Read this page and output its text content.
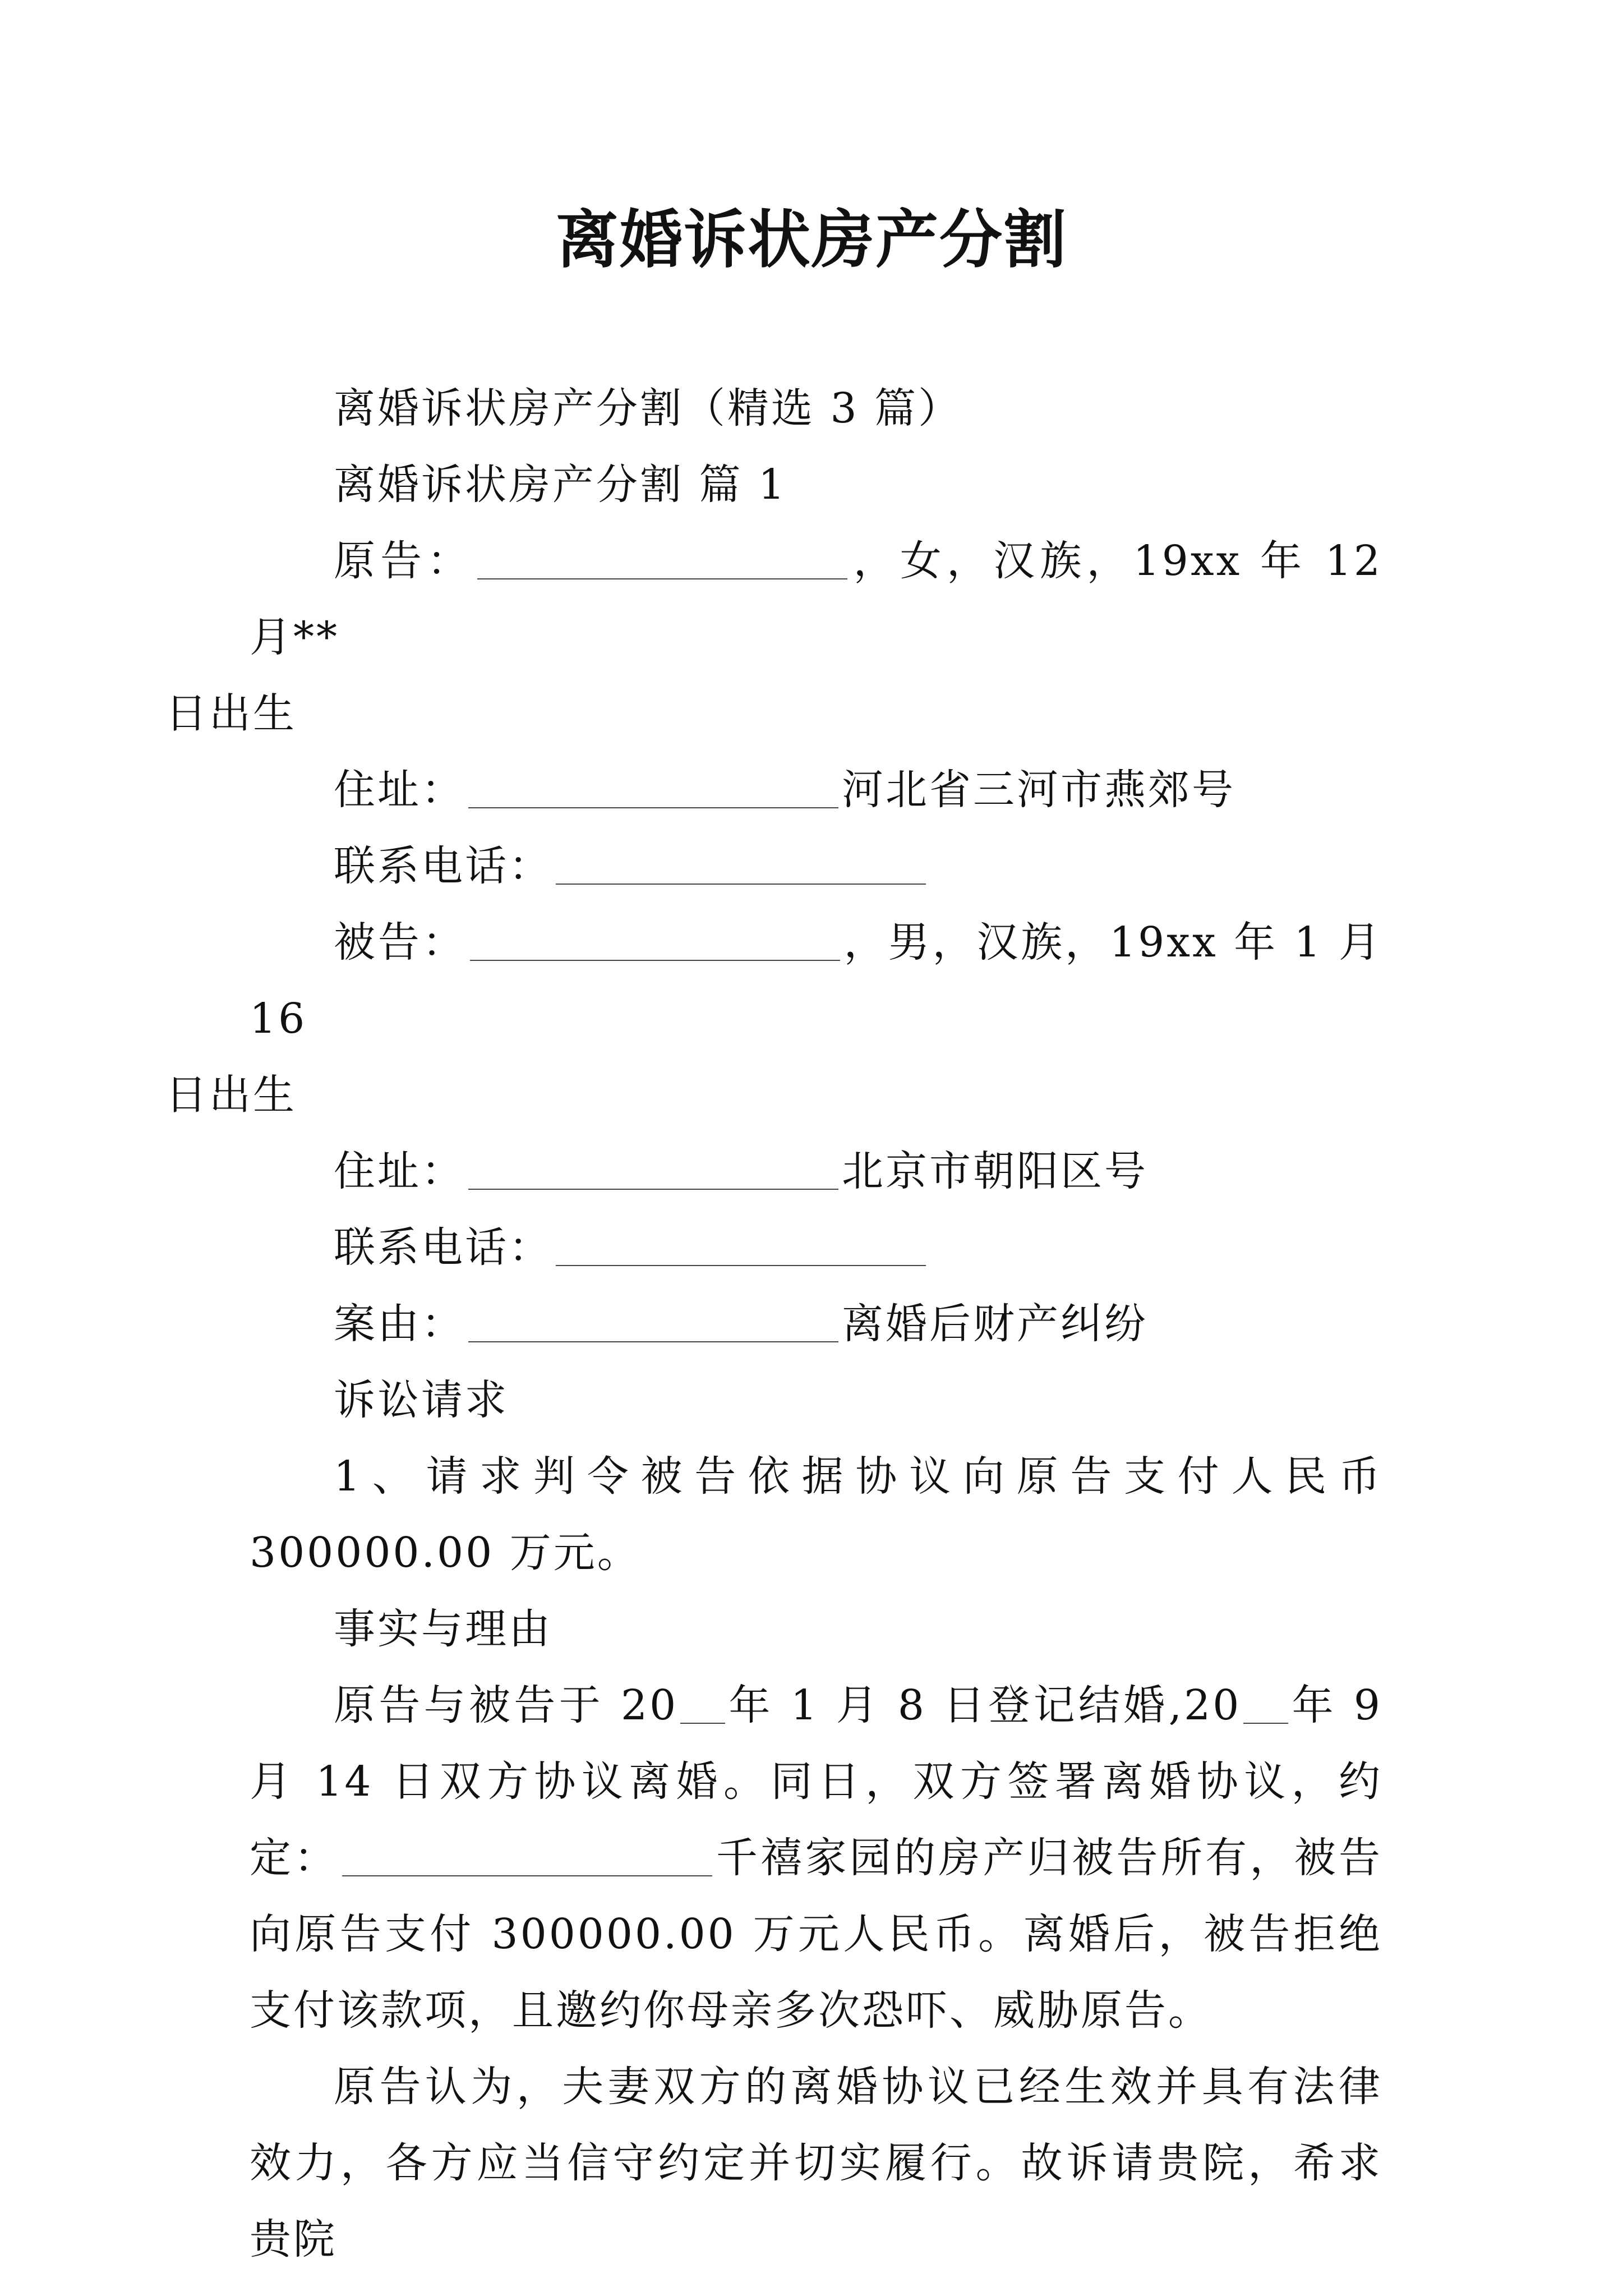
离婚诉状房产分割

离婚诉状房产分割（精选 3 篇）

离婚诉状房产分割 篇 1

原告：	，女，汉族，19xx 年 12 月**
日出生

住址：	河北省三河市燕郊号

联系电话：

被告：	，男，汉族，19xx 年 1 月 16
日出生

住址：	北京市朝阳区号

联系电话：

案由：	离婚后财产纠纷

诉讼请求

1、请求判令被告依据协议向原告支付人民币 300000.00 万元。

事实与理由

原告与被告于 20 年 1 月 8 日登记结婚,20 年 9 月 14 日双方协议离婚。同日，双方签署离婚协议，约定：	千禧家园的房产归被告所有，被告向原告支付 300000.00 万元人民币。离婚后，被告拒绝支付该款项，且邀约你母亲多次恐吓、威胁原告。

原告认为，夫妻双方的离婚协议已经生效并具有法律效力，各方应当信守约定并切实履行。故诉请贵院，希求贵院
